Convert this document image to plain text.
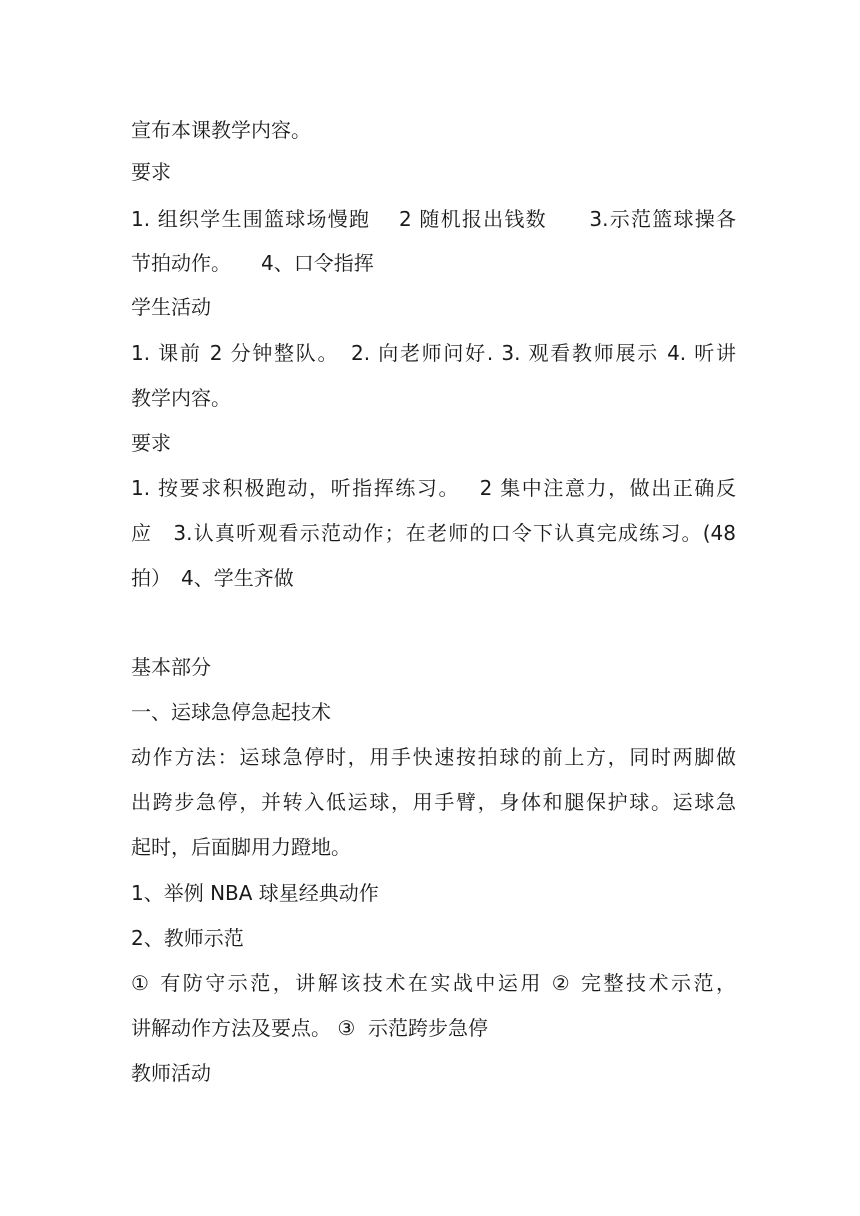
宣布本课教学内容。
要求
1. 组织学生围篮球场慢跑　 2 随机报出钱数　　3.示范篮球操各
节拍动作。　　4、口令指挥
学生活动
1. 课前 2 分钟整队。　2. 向老师问好. 3. 观看教师展示 4. 听讲
教学内容。
要求
1. 按要求积极跑动，听指挥练习。　 2 集中注意力，做出正确反
应　3.认真听观看示范动作；在老师的口令下认真完成练习。(48
拍）　4、学生齐做
基本部分
一、运球急停急起技术
动作方法：运球急停时，用手快速按拍球的前上方，同时两脚做
出跨步急停，并转入低运球，用手臂，身体和腿保护球。运球急
起时，后面脚用力蹬地。
1、举例 NBA 球星经典动作
2、教师示范
① 有防守示范，讲解该技术在实战中运用 ② 完整技术示范，
讲解动作方法及要点。 ③  示范跨步急停
教师活动
